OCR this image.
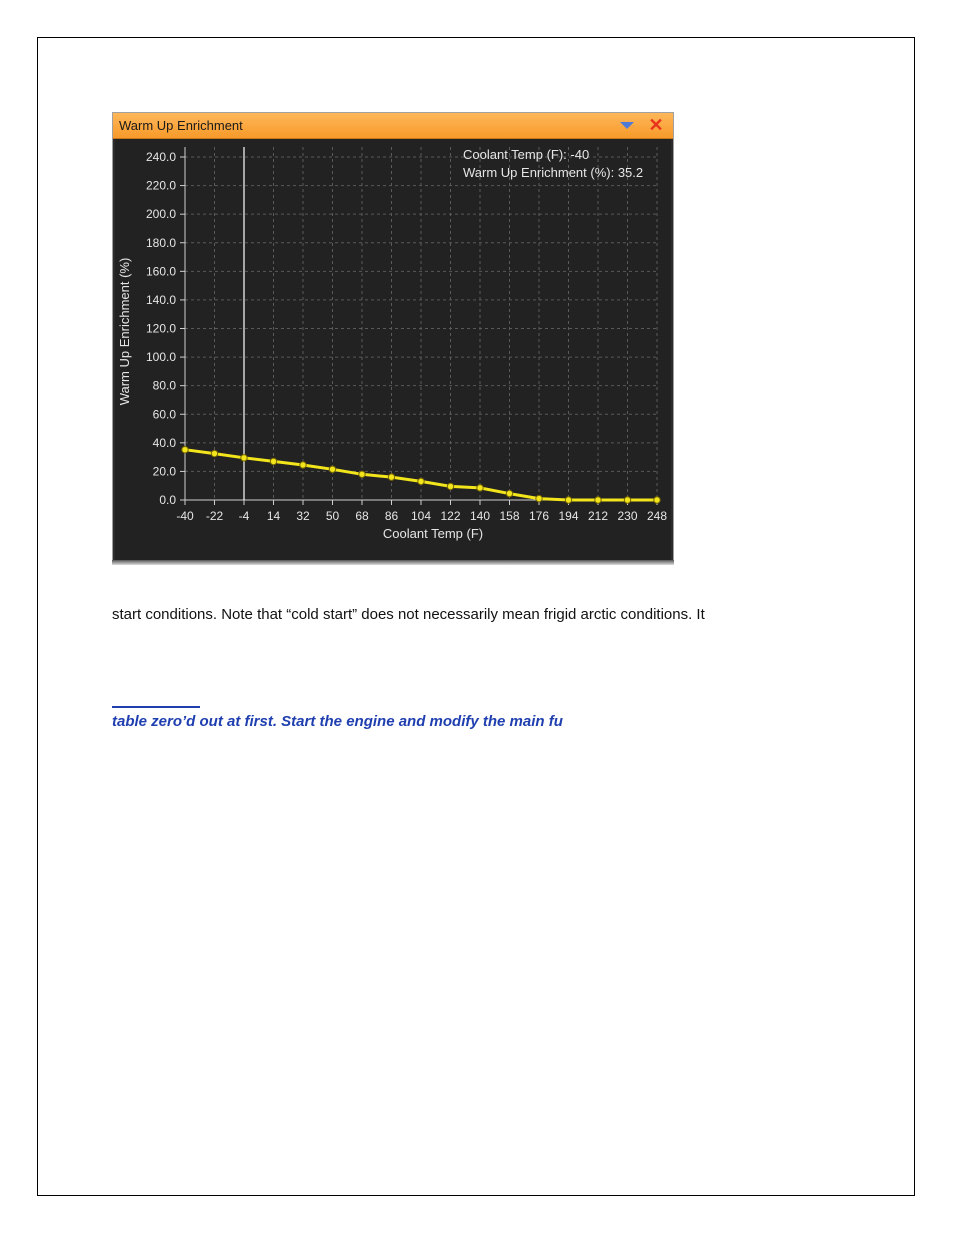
Warm Up Enrichment	✕
0.0
20.0
40.0
60.0
80.0
100.0
120.0
140.0
160.0
180.0
200.0
220.0
240.0
-40 -22 -4 14 32 50 68 86 104 122 140 158 176 194 212 230 248
Coolant Temp (F)
Warm Up Enrichment (%)
Coolant Temp (F): -40
Warm Up Enrichment (%): 35.2
start conditions. Note that “cold start” does not necessarily mean frigid arctic conditions. It
table zero’d out at first. Start the engine and modify the main fu
